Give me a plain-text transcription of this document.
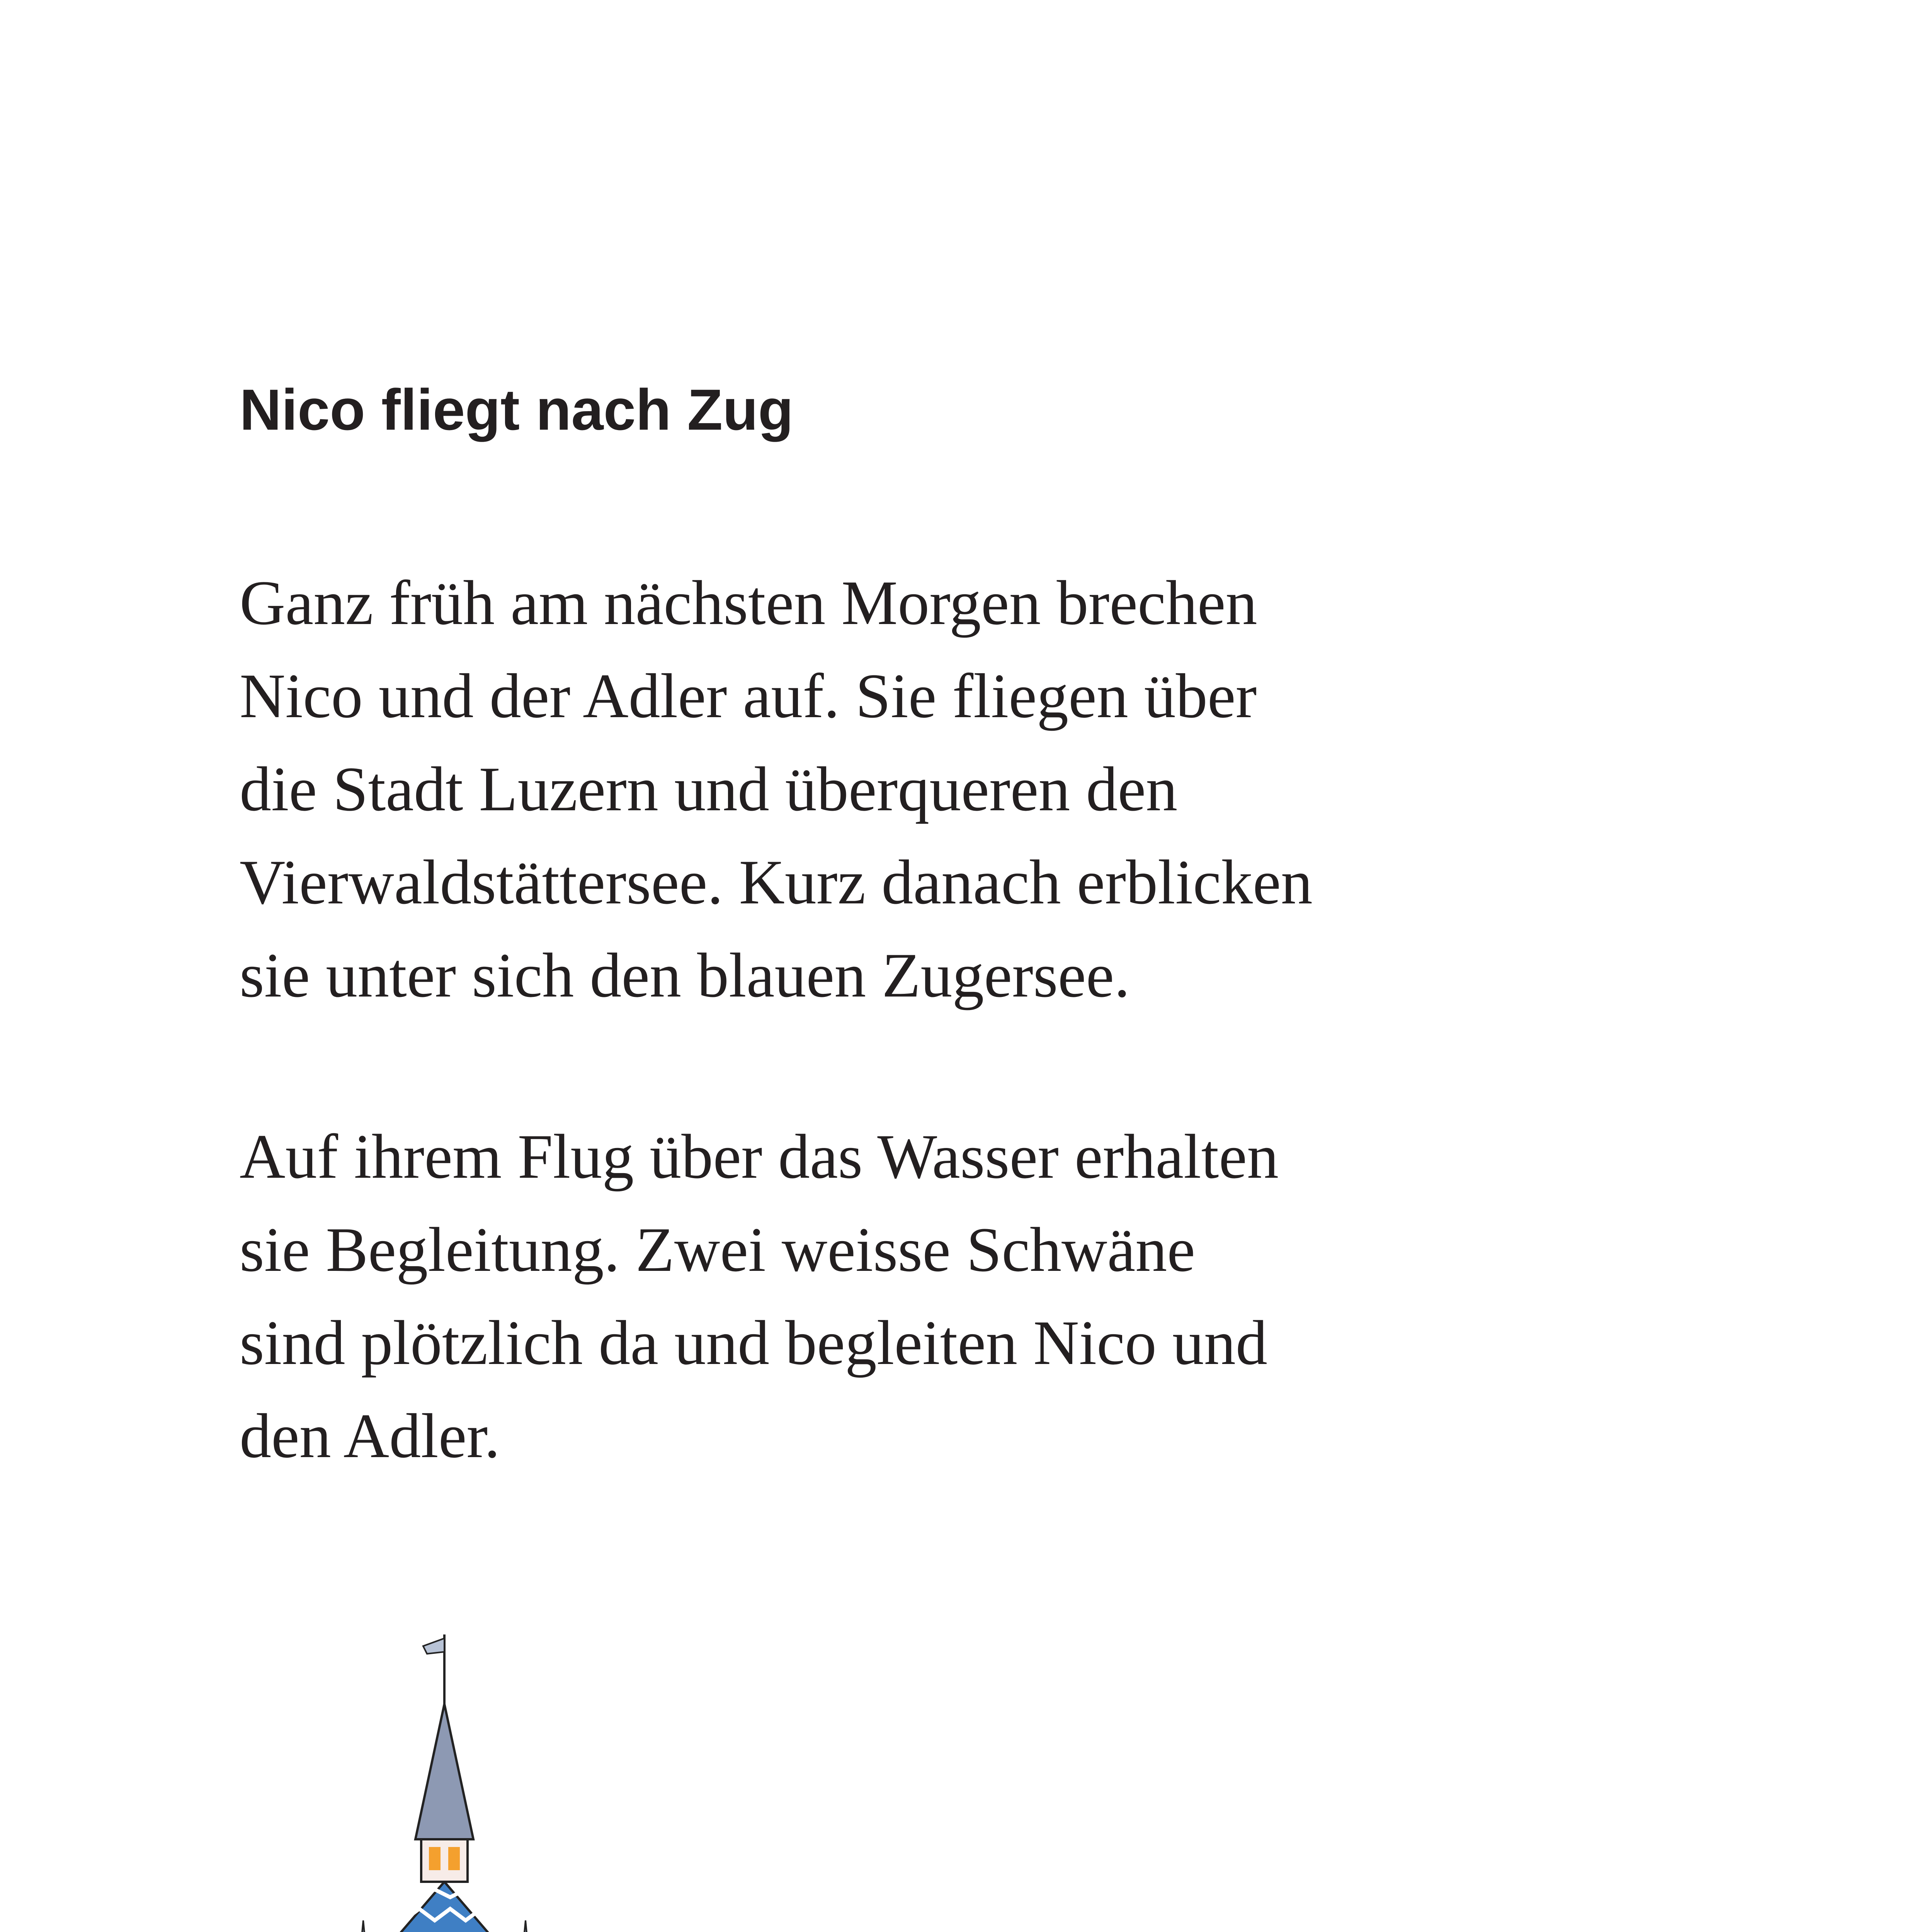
Nico fliegt nach Zug

Ganz früh am nächsten Morgen brechen
Nico und der Adler auf. Sie fliegen über
die Stadt Luzern und überqueren den
Vierwaldstättersee. Kurz danach erblicken
sie unter sich den blauen Zugersee.

Auf ihrem Flug über das Wasser erhalten
sie Begleitung. Zwei weisse Schwäne
sind plötzlich da und begleiten Nico und
den Adler.
